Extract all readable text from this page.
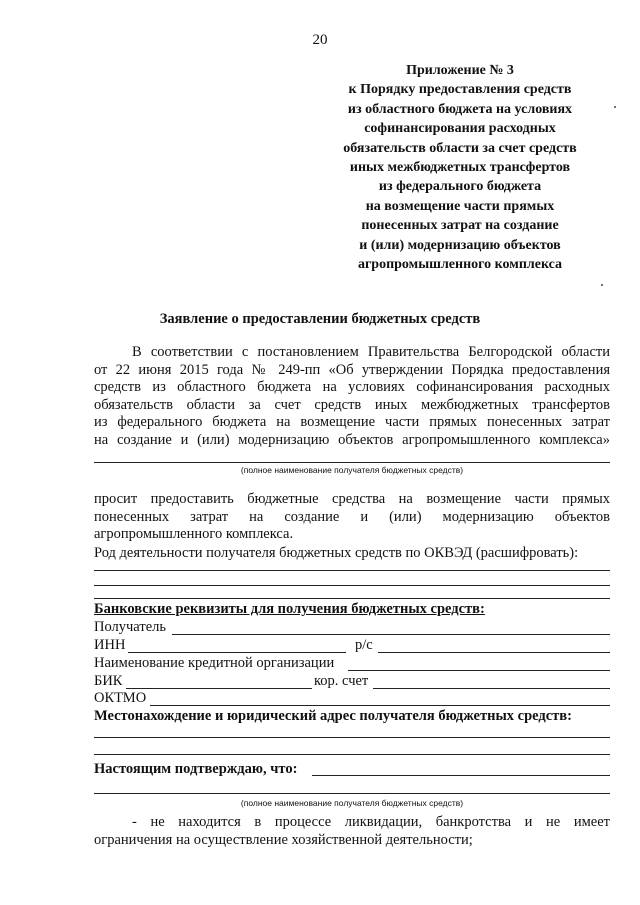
20
Приложение № 3
к Порядку предоставления средств
из областного бюджета на условиях
софинансирования расходных
обязательств области за счет средств
иных межбюджетных трансфертов
из федерального бюджета
на возмещение части прямых
понесенных затрат на создание
и (или) модернизацию объектов
агропромышленного комплекса
Заявление о предоставлении бюджетных средств
В соответствии с постановлением Правительства Белгородской области
от 22 июня 2015 года № 249-пп «Об утверждении Порядка предоставления
средств из областного бюджета на условиях софинансирования расходных
обязательств области за счет средств иных межбюджетных трансфертов
из федерального бюджета на возмещение части прямых понесенных затрат
на создание и (или) модернизацию объектов агропромышленного комплекса»
(полное наименование получателя бюджетных средств)
просит предоставить бюджетные средства на возмещение части прямых
понесенных затрат на создание и (или) модернизацию объектов
агропромышленного комплекса.
Род деятельности получателя бюджетных средств по ОКВЭД (расшифровать):
Банковские реквизиты для получения бюджетных средств:
Получатель
ИНН	р/с
Наименование кредитной организации
БИК	кор. счет
ОКТМО
Местонахождение и юридический адрес получателя бюджетных средств:
Настоящим подтверждаю, что:
(полное наименование получателя бюджетных средств)
- не находится в процессе ликвидации, банкротства и не имеет
ограничения на осуществление хозяйственной деятельности;
